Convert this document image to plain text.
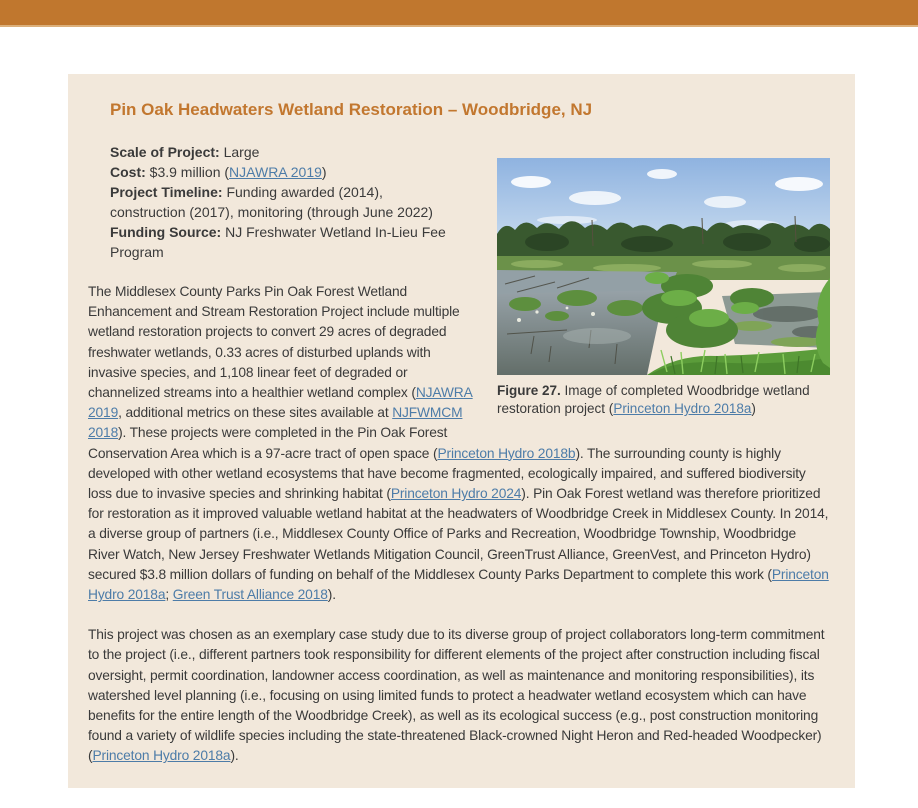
Pin Oak Headwaters Wetland Restoration – Woodbridge, NJ
Figure 27. Image of completed Woodbridge wetland restoration project (Princeton Hydro 2018a)
Scale of Project: Large
Cost: $3.9 million (NJAWRA 2019)
Project Timeline: Funding awarded (2014), construction (2017), monitoring (through June 2022)
Funding Source: NJ Freshwater Wetland In-Lieu Fee Program

The Middlesex County Parks Pin Oak Forest Wetland Enhancement and Stream Restoration Project include multiple wetland restoration projects to convert 29 acres of degraded freshwater wetlands, 0.33 acres of disturbed uplands with invasive species, and 1,108 linear feet of degraded or channelized streams into a healthier wetland complex (NJAWRA 2019, additional metrics on these sites available at NJFWMCM 2018). These projects were completed in the Pin Oak Forest Conservation Area which is a 97-acre tract of open space (Princeton Hydro 2018b). The surrounding county is highly developed with other wetland ecosystems that have become fragmented, ecologically impaired, and suffered biodiversity loss due to invasive species and shrinking habitat (Princeton Hydro 2024). Pin Oak Forest wetland was therefore prioritized for restoration as it improved valuable wetland habitat at the headwaters of Woodbridge Creek in Middlesex County. In 2014, a diverse group of partners (i.e., Middlesex County Office of Parks and Recreation, Woodbridge Township, Woodbridge River Watch, New Jersey Freshwater Wetlands Mitigation Council, GreenTrust Alliance, GreenVest, and Princeton Hydro) secured $3.8 million dollars of funding on behalf of the Middlesex County Parks Department to complete this work (Princeton Hydro 2018a; Green Trust Alliance 2018).

This project was chosen as an exemplary case study due to its diverse group of project collaborators long-term commitment to the project (i.e., different partners took responsibility for different elements of the project after construction including fiscal oversight, permit coordination, landowner access coordination, as well as maintenance and monitoring responsibilities), its watershed level planning (i.e., focusing on using limited funds to protect a headwater wetland ecosystem which can have benefits for the entire length of the Woodbridge Creek), as well as its ecological success (e.g., post construction monitoring found a variety of wildlife species including the state-threatened Black-crowned Night Heron and Red-headed Woodpecker) (Princeton Hydro 2018a).
